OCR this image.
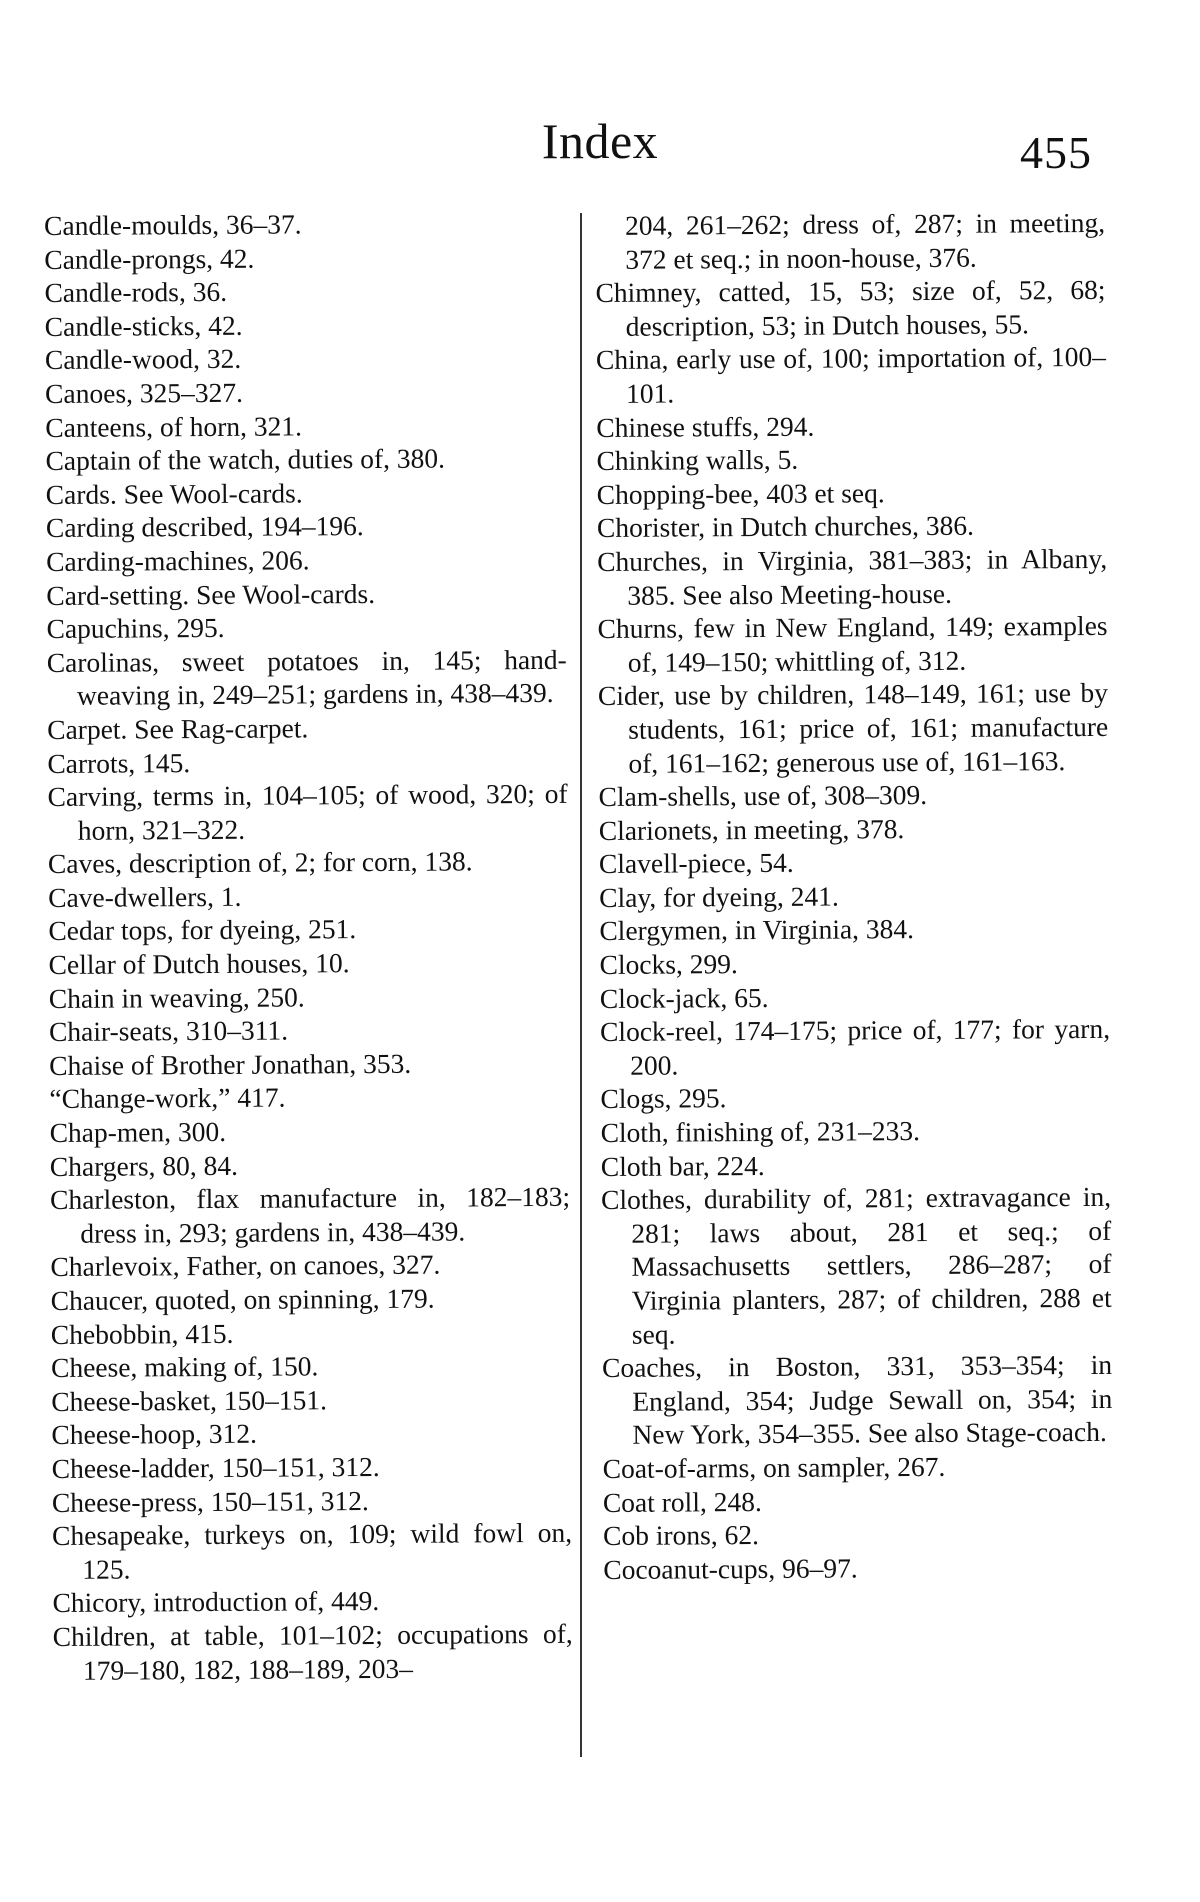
Index	455
Candle-moulds, 36–37.
Candle-prongs, 42.
Candle-rods, 36.
Candle-sticks, 42.
Candle-wood, 32.
Canoes, 325–327.
Canteens, of horn, 321.
Captain of the watch, duties of, 380.
Cards. See Wool-cards.
Carding described, 194–196.
Carding-machines, 206.
Card-setting. See Wool-cards.
Capuchins, 295.
Carolinas, sweet potatoes in, 145; hand-weaving in, 249–251; gardens in, 438–439.
Carpet. See Rag-carpet.
Carrots, 145.
Carving, terms in, 104–105; of wood, 320; of horn, 321–322.
Caves, description of, 2; for corn, 138.
Cave-dwellers, 1.
Cedar tops, for dyeing, 251.
Cellar of Dutch houses, 10.
Chain in weaving, 250.
Chair-seats, 310–311.
Chaise of Brother Jonathan, 353.
“Change-work,” 417.
Chap-men, 300.
Chargers, 80, 84.
Charleston, flax manufacture in, 182–183; dress in, 293; gardens in, 438–439.
Charlevoix, Father, on canoes, 327.
Chaucer, quoted, on spinning, 179.
Chebobbin, 415.
Cheese, making of, 150.
Cheese-basket, 150–151.
Cheese-hoop, 312.
Cheese-ladder, 150–151, 312.
Cheese-press, 150–151, 312.
Chesapeake, turkeys on, 109; wild fowl on, 125.
Chicory, introduction of, 449.
Children, at table, 101–102; occupations of, 179–180, 182, 188–189, 203–
204, 261–262; dress of, 287; in meeting, 372 et seq.; in noon-house, 376.
Chimney, catted, 15, 53; size of, 52, 68; description, 53; in Dutch houses, 55.
China, early use of, 100; importation of, 100–101.
Chinese stuffs, 294.
Chinking walls, 5.
Chopping-bee, 403 et seq.
Chorister, in Dutch churches, 386.
Churches, in Virginia, 381–383; in Albany, 385. See also Meeting-house.
Churns, few in New England, 149; examples of, 149–150; whittling of, 312.
Cider, use by children, 148–149, 161; use by students, 161; price of, 161; manufacture of, 161–162; generous use of, 161–163.
Clam-shells, use of, 308–309.
Clarionets, in meeting, 378.
Clavell-piece, 54.
Clay, for dyeing, 241.
Clergymen, in Virginia, 384.
Clocks, 299.
Clock-jack, 65.
Clock-reel, 174–175; price of, 177; for yarn, 200.
Clogs, 295.
Cloth, finishing of, 231–233.
Cloth bar, 224.
Clothes, durability of, 281; extravagance in, 281; laws about, 281 et seq.; of Massachusetts settlers, 286–287; of Virginia planters, 287; of children, 288 et seq.
Coaches, in Boston, 331, 353–354; in England, 354; Judge Sewall on, 354; in New York, 354–355. See also Stage-coach.
Coat-of-arms, on sampler, 267.
Coat roll, 248.
Cob irons, 62.
Cocoanut-cups, 96–97.
